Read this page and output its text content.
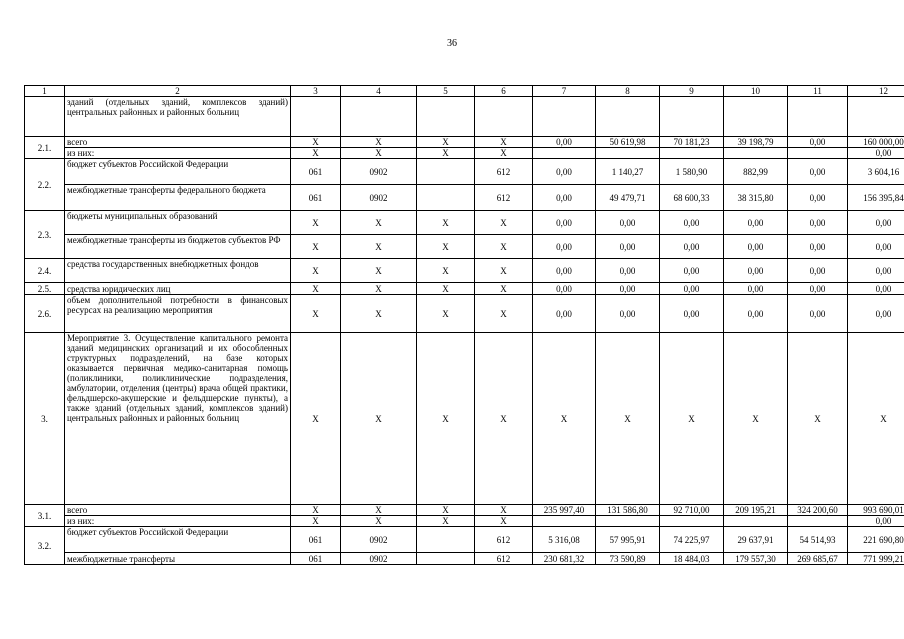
36
1	2	3	4	5	6	7	8	9	10	11	12
	зданий (отдельных зданий, комплексов зданий) центральных районных и районных больниц										
2.1.	всего	X	X	X	X	0,00	50 619,98	70 181,23	39 198,79	0,00	160 000,00
	из них:	X	X	X	X						0,00
2.2.	бюджет субъектов Российской Федерации	061	0902		612	0,00	1 140,27	1 580,90	882,99	0,00	3 604,16
	межбюджетные трансферты федерального бюджета	061	0902		612	0,00	49 479,71	68 600,33	38 315,80	0,00	156 395,84
2.3.	бюджеты муниципальных образований	X	X	X	X	0,00	0,00	0,00	0,00	0,00	0,00
	межбюджетные трансферты из бюджетов субъектов РФ	X	X	X	X	0,00	0,00	0,00	0,00	0,00	0,00
2.4.	средства государственных внебюджетных фондов	X	X	X	X	0,00	0,00	0,00	0,00	0,00	0,00
2.5.	средства юридических лиц	X	X	X	X	0,00	0,00	0,00	0,00	0,00	0,00
2.6.	объем дополнительной потребности в финансовых ресурсах на реализацию мероприятия	X	X	X	X	0,00	0,00	0,00	0,00	0,00	0,00
3.	Мероприятие 3. Осуществление капитального ремонта зданий медицинских организаций и их обособленных структурных подразделений, на базе которых оказывается первичная медико-санитарная помощь (поликлиники, поликлинические подразделения, амбулатории, отделения (центры) врача общей практики, фельдшерско-акушерские и фельдшерские пункты), а также зданий (отдельных зданий, комплексов зданий) центральных районных и районных больниц	X	X	X	X	X	X	X	X	X	X
3.1.	всего	X	X	X	X	235 997,40	131 586,80	92 710,00	209 195,21	324 200,60	993 690,01
	из них:	X	X	X	X						0,00
3.2.	бюджет субъектов Российской Федерации	061	0902		612	5 316,08	57 995,91	74 225,97	29 637,91	54 514,93	221 690,80
	межбюджетные трансферты	061	0902		612	230 681,32	73 590,89	18 484,03	179 557,30	269 685,67	771 999,21
